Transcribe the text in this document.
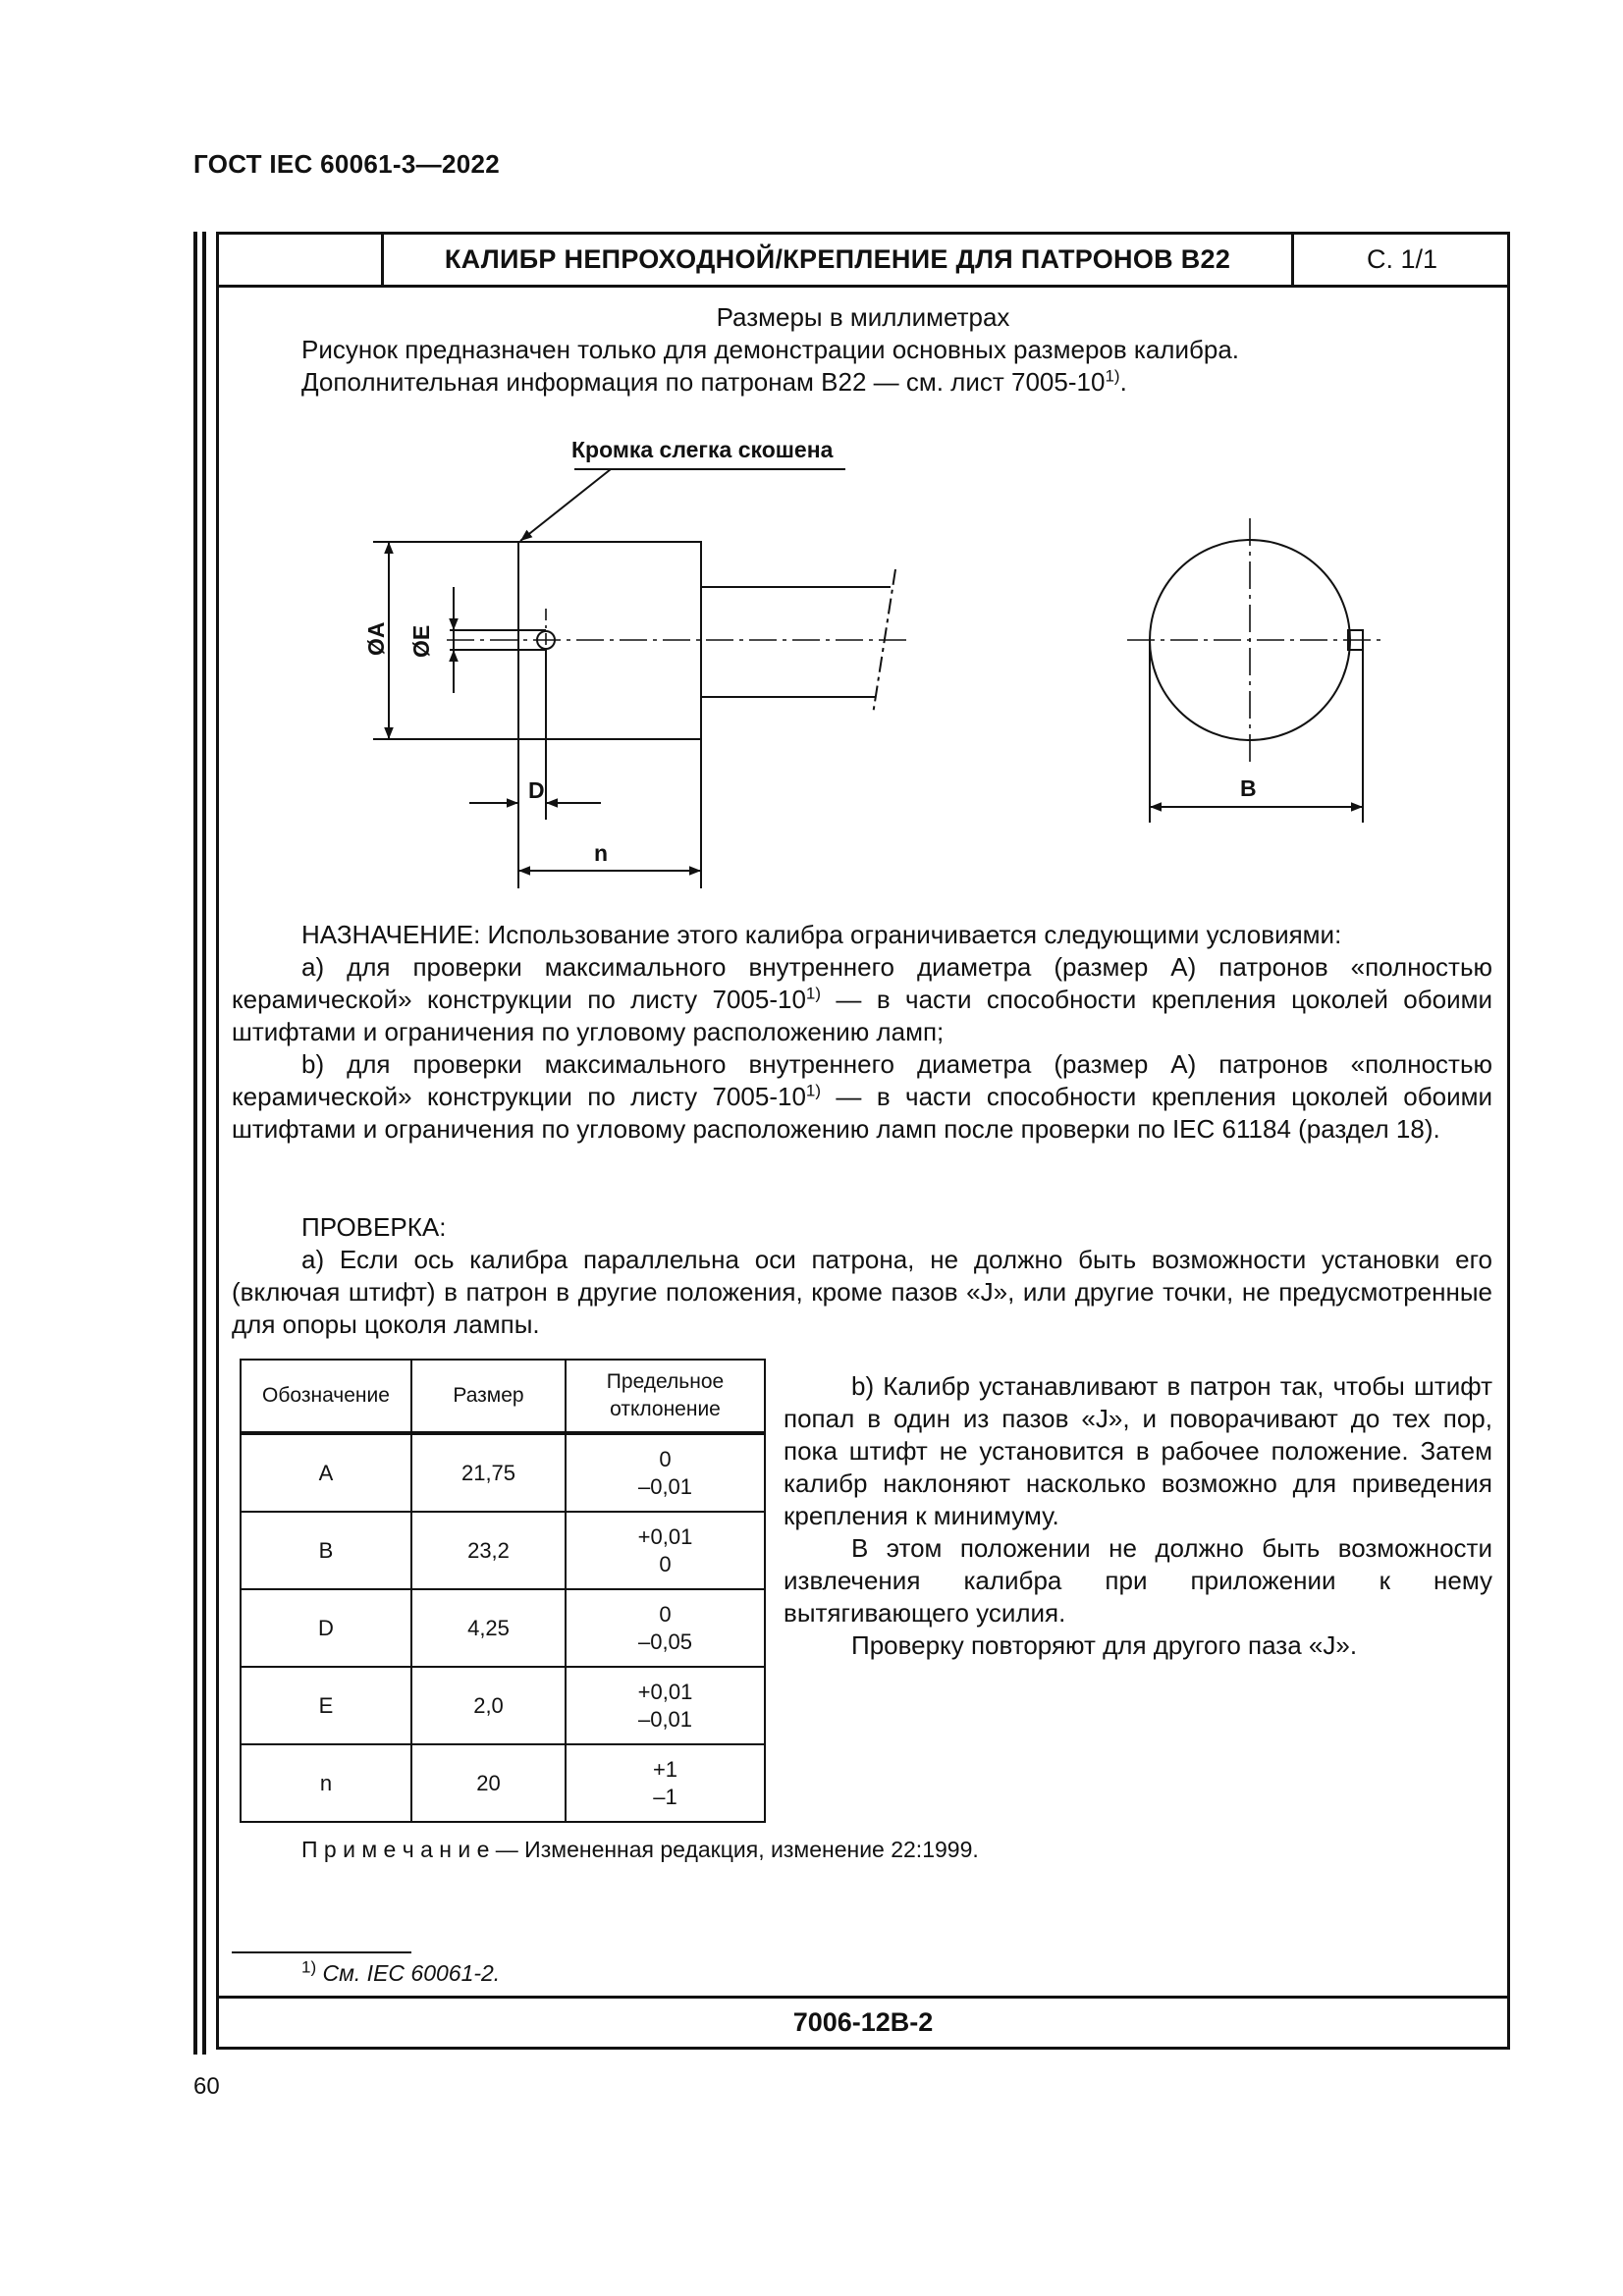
ГОСТ IEC 60061-3—2022
КАЛИБР НЕПРОХОДНОЙ/КРЕПЛЕНИЕ ДЛЯ ПАТРОНОВ B22	С. 1/1
7006-12В-2
Размеры в миллиметрах
Рисунок предназначен только для демонстрации основных размеров калибра.
Дополнительная информация по патронам В22 — см. лист 7005-10$^{1)}$.
Кромка слегка скошена
ØA ØE
D
n
B
НАЗНАЧЕНИЕ: Использование этого калибра ограничивается следующими условиями:
а) для проверки максимального внутреннего диаметра (размер А) патронов «полностью керамической» конструкции по листу 7005-10$^{1)}$ — в части способности крепления цоколей обоими штифтами и ограничения по угловому расположению ламп;
b) для проверки максимального внутреннего диаметра (размер А) патронов «полностью керамической» конструкции по листу 7005-10$^{1)}$ — в части способности крепления цоколей обоими штифтами и ограничения по угловому расположению ламп после проверки по IEC 61184 (раздел 18).
ПРОВЕРКА:
а) Если ось калибра параллельна оси патрона, не должно быть возможности установки его (включая штифт) в патрон в другие положения, кроме пазов «J», или другие точки, не предусмотренные для опоры цоколя лампы.
Обозначение	Размер	Предельное отклонение
A	21,75	0
–0,01

B	23,2	+0,01
0

D	4,25	0
–0,05

E	2,0	+0,01
–0,01

n	20	+1
–1
b) Калибр устанавливают в патрон так, чтобы штифт попал в один из пазов «J», и поворачивают до тех пор, пока штифт не установится в рабочее положение. Затем калибр наклоняют насколько возможно для приведения крепления к минимуму.
В этом положении не должно быть возможности извлечения калибра при приложении к нему вытягивающего усилия.
Проверку повторяют для другого паза «J».
П р и м е ч а н и е — Измененная редакция, изменение 22:1999.
$^{1)}$ См. IEC 60061-2.
60
